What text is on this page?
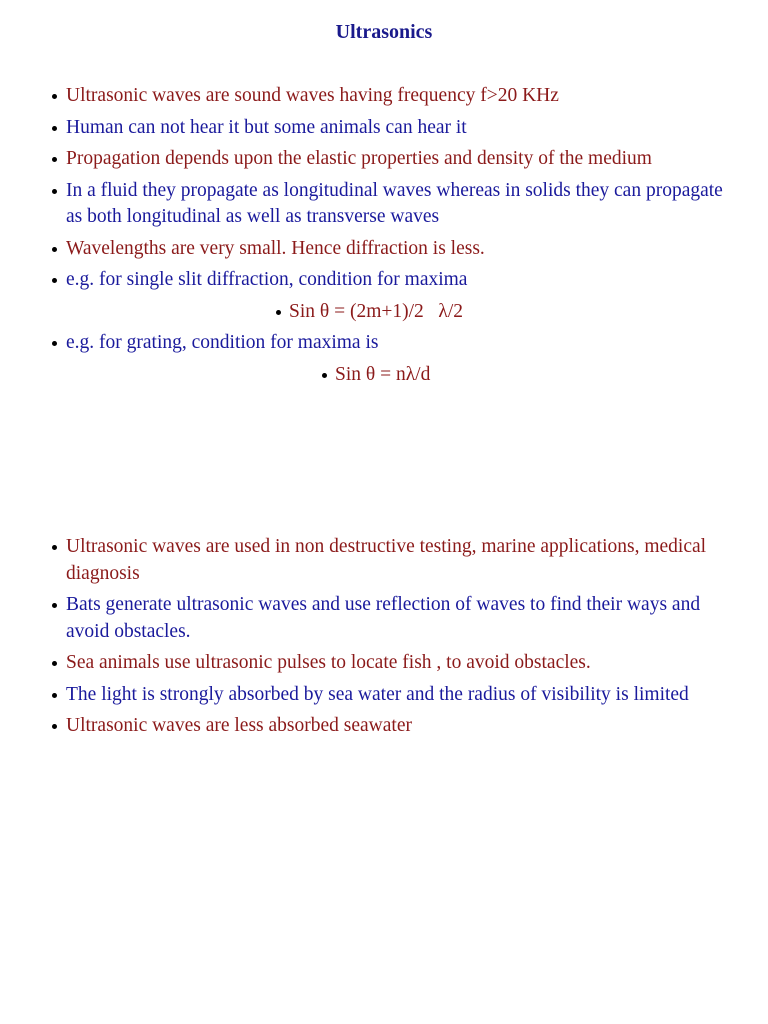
Ultrasonics
Ultrasonic waves are sound waves having frequency f>20 KHz
Human can not hear it but some animals can hear it
Propagation depends upon the elastic properties and density of the medium
In a fluid they propagate as longitudinal waves whereas in solids they can propagate as both longitudinal as well as transverse waves
Wavelengths are very small. Hence diffraction is less.
e.g. for single slit diffraction, condition for maxima
Sin θ = (2m+1)/2   λ/2
e.g. for grating, condition for maxima is
Sin θ = nλ/d
Ultrasonic waves are used in non destructive testing, marine applications, medical diagnosis
Bats generate ultrasonic waves and use reflection of waves to find their ways and avoid obstacles.
Sea animals use ultrasonic pulses to locate fish , to avoid obstacles.
The light is strongly absorbed by sea water and the radius of visibility is limited
Ultrasonic waves are less absorbed seawater
